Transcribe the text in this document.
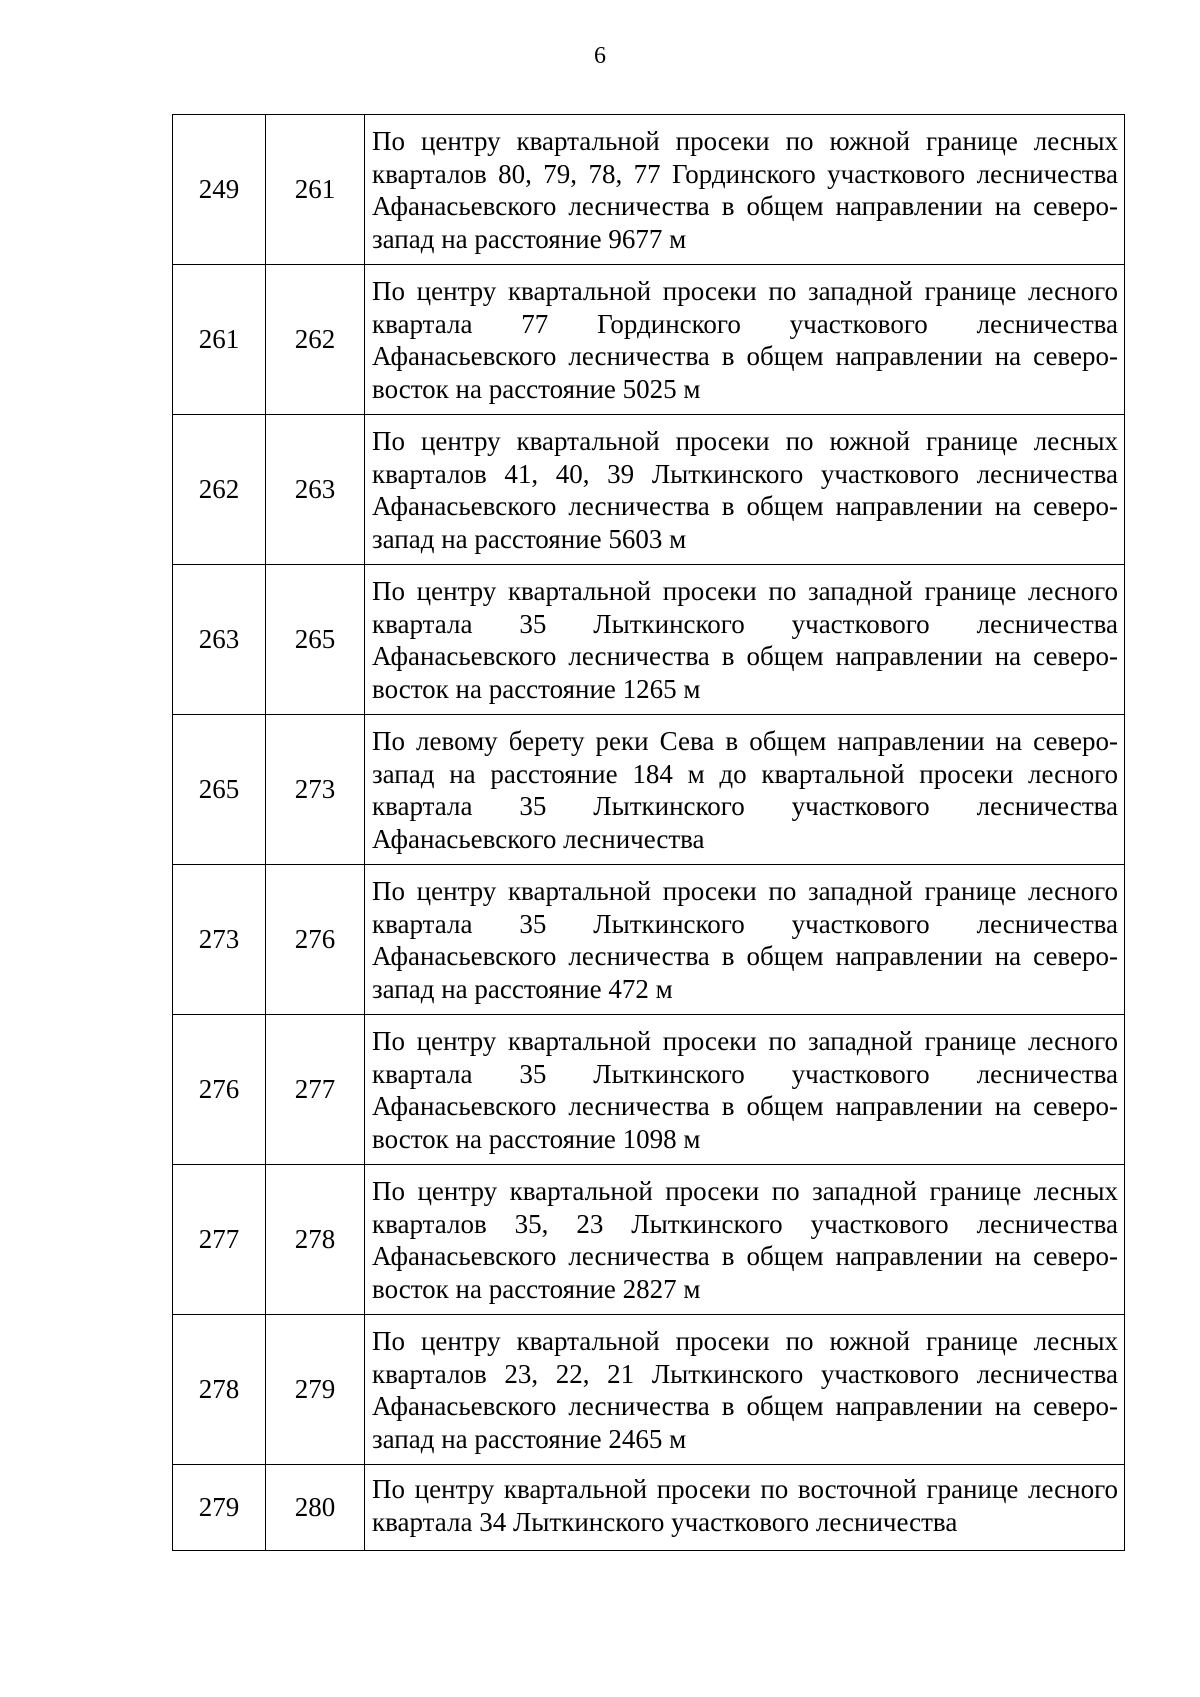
6
249	261	По центру квартальной просеки по южной границе лесных кварталов 80, 79, 78, 77 Гординского участкового лесничества Афанасьевского лесничества в общем направлении на северо- запад на расстояние 9677 м

261	262	По центру квартальной просеки по западной границе лесного квартала 77 Гординского участкового лесничества Афанасьевского лесничества в общем направлении на северо- восток на расстояние 5025 м

262	263	По центру квартальной просеки по южной границе лесных кварталов 41, 40, 39 Лыткинского участкового лесничества Афанасьевского лесничества в общем направлении на северо- запад на расстояние 5603 м

263	265	По центру квартальной просеки по западной границе лесного квартала 35 Лыткинского участкового лесничества Афанасьевского лесничества в общем направлении на северо- восток на расстояние 1265 м

265	273	По левому берету реки Сева в общем направлении на северо- запад на расстояние 184 м до квартальной просеки лесного квартала 35 Лыткинского участкового лесничества Афанасьевского лесничества

273	276	По центру квартальной просеки по западной границе лесного квартала 35 Лыткинского участкового лесничества Афанасьевского лесничества в общем направлении на северо- запад на расстояние 472 м

276	277	По центру квартальной просеки по западной границе лесного квартала 35 Лыткинского участкового лесничества Афанасьевского лесничества в общем направлении на северо- восток на расстояние 1098 м

277	278	По центру квартальной просеки по западной границе лесных кварталов 35, 23 Лыткинского участкового лесничества Афанасьевского лесничества в общем направлении на северо- восток на расстояние 2827 м

278	279	По центру квартальной просеки по южной границе лесных кварталов 23, 22, 21 Лыткинского участкового лесничества Афанасьевского лесничества в общем направлении на северо- запад на расстояние 2465 м

279	280	По центру квартальной просеки по восточной границе лесного квартала 34 Лыткинского участкового лесничества
